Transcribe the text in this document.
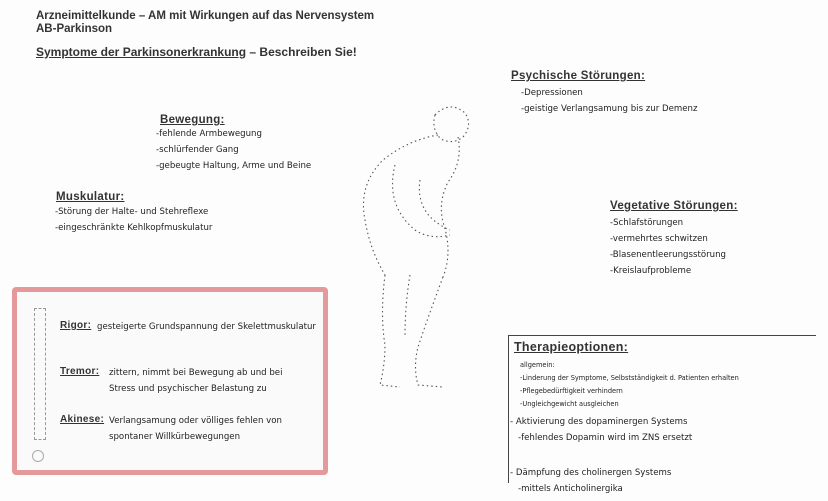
Arzneimittelkunde – AM mit Wirkungen auf das Nervensystem
AB-Parkinson
Symptome der Parkinsonerkrankung – Beschreiben Sie!
Bewegung:
-fehlende Armbewegung
-schlürfender Gang
-gebeugte Haltung, Arme und Beine
Muskulatur:
-Störung der Halte- und Stehreflexe
-eingeschränkte Kehlkopfmuskulatur
Psychische Störungen:
-Depressionen
-geistige Verlangsamung bis zur Demenz
Vegetative Störungen:
-Schlafstörungen
-vermehrtes schwitzen
-Blasenentleerungsstörung
-Kreislaufprobleme
Rigor: gesteigerte Grundspannung der Skelettmuskulatur
Tremor: zittern, nimmt bei Bewegung ab und bei
Stress und psychischer Belastung zu
Akinese: Verlangsamung oder völliges fehlen von
spontaner Willkürbewegungen
Therapieoptionen:
allgemein:
-Linderung der Symptome, Selbstständigkeit d. Patienten erhalten
-Pflegebedürftigkeit verhindern
-Ungleichgewicht ausgleichen
- Aktivierung des dopaminergen Systems
-fehlendes Dopamin wird im ZNS ersetzt
- Dämpfung des cholinergen Systems
-mittels Anticholinergika
